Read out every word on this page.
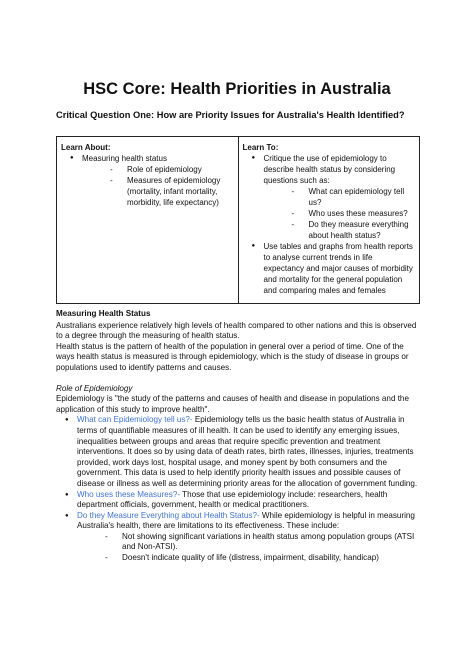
HSC Core: Health Priorities in Australia

Critical Question One: How are Priority Issues for Australia's Health Identified?

Learn About:
● Measuring health status
- Role of epidemiology
- Measures of epidemiology (mortality, infant mortality, morbidity, life expectancy)

Learn To:
● Critique the use of epidemiology to describe health status by considering questions such as:
- What can epidemiology tell us?
- Who uses these measures?
- Do they measure everything about health status?
● Use tables and graphs from health reports to analyse current trends in life expectancy and major causes of morbidity and mortality for the general population and comparing males and females

Measuring Health Status

Australians experience relatively high levels of health compared to other nations and this is observed to a degree through the measuring of health status.

Health status is the pattern of health of the population in general over a period of time. One of the ways health status is measured is through epidemiology, which is the study of disease in groups or populations used to identify patterns and causes.

Role of Epidemiology

Epidemiology is "the study of the patterns and causes of health and disease in populations and the application of this study to improve health".

● What can Epidemiology tell us?- Epidemiology tells us the basic health status of Australia in terms of quantifiable measures of ill health. It can be used to identify any emerging issues, inequalities between groups and areas that require specific prevention and treatment interventions. It does so by using data of death rates, birth rates, illnesses, injuries, treatments provided, work days lost, hospital usage, and money spent by both consumers and the government. This data is used to help identify priority health issues and possible causes of disease or illness as well as determining priority areas for the allocation of government funding.
● Who uses these Measures?- Those that use epidemiology include: researchers, health department officials, government, health or medical practitioners.
● Do they Measure Everything about Health Status?- While epidemiology is helpful in measuring Australia's health, there are limitations to its effectiveness. These include:
- Not showing significant variations in health status among population groups (ATSI and Non-ATSI).
- Doesn't indicate quality of life (distress, impairment, disability, handicap)
